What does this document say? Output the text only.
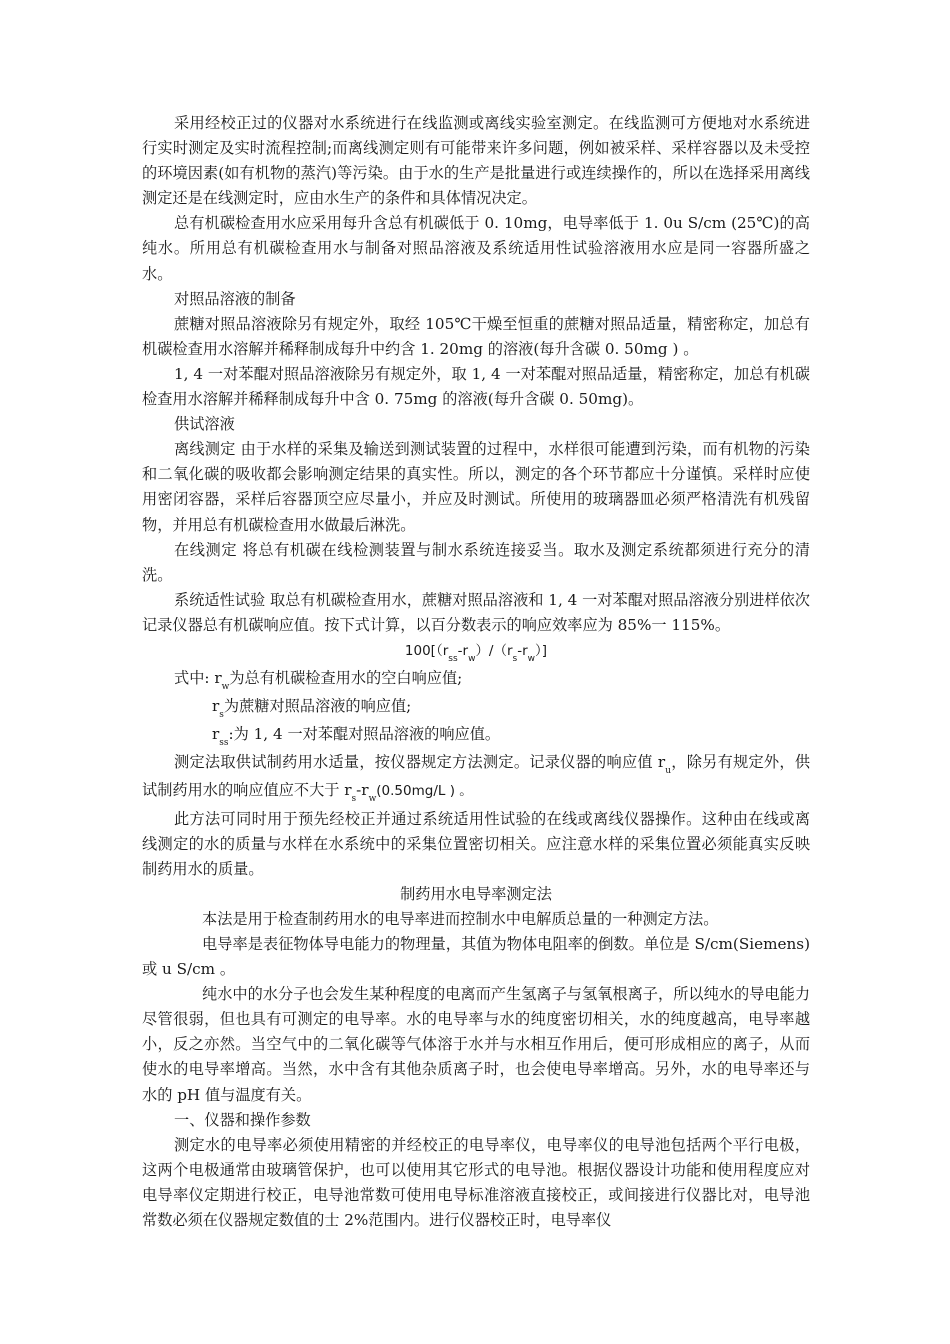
采用经校正过的仪器对水系统进行在线监测或离线实验室测定。在线监测可方便地对水系统进行实时测定及实时流程控制;而离线测定则有可能带来许多问题，例如被采样、采样容器以及未受控的环境因素(如有机物的蒸汽)等污染。由于水的生产是批量进行或连续操作的，所以在选择采用离线测定还是在线测定时，应由水生产的条件和具体情况决定。

总有机碳检查用水应采用每升含总有机碳低于 0. 10mg，电导率低于 1. 0u S/cm (25℃)的高纯水。所用总有机碳检查用水与制备对照品溶液及系统适用性试验溶液用水应是同一容器所盛之水。

对照品溶液的制备

蔗糖对照品溶液除另有规定外，取经 105℃干燥至恒重的蔗糖对照品适量，精密称定，加总有机碳检查用水溶解并稀释制成每升中约含 1. 20mg 的溶液(每升含碳 0. 50mg ) 。

1, 4 一对苯醌对照品溶液除另有规定外，取 1, 4 一对苯醌对照品适量，精密称定，加总有机碳检查用水溶解并稀释制成每升中含 0. 75mg 的溶液(每升含碳 0. 50mg)。

供试溶液

离线测定 由于水样的采集及输送到测试装置的过程中，水样很可能遭到污染，而有机物的污染和二氧化碳的吸收都会影响测定结果的真实性。所以，测定的各个环节都应十分谨慎。采样时应使用密闭容器，采样后容器顶空应尽量小，并应及时测试。所使用的玻璃器皿必须严格清洗有机残留物，并用总有机碳检查用水做最后淋洗。

在线测定 将总有机碳在线检测装置与制水系统连接妥当。取水及测定系统都须进行充分的清洗。

系统适性试验 取总有机碳检查用水，蔗糖对照品溶液和 1, 4 一对苯醌对照品溶液分别进样依次记录仪器总有机碳响应值。按下式计算，以百分数表示的响应效率应为 85%一 115%。

$100[(r_{ss}-r_w)/(r_s-r_w)]$

式中: $r_w$为总有机碳检查用水的空白响应值;

$r_s$为蔗糖对照品溶液的响应值;

$r_{ss}$:为 1, 4 一对苯醌对照品溶液的响应值。

测定法取供试制药用水适量，按仪器规定方法测定。记录仪器的响应值 $r_u$，除另有规定外，供试制药用水的响应值应不大于 $r_s-r_w(0.50mg/L$ ) 。

此方法可同时用于预先经校正并通过系统适用性试验的在线或离线仪器操作。这种由在线或离线测定的水的质量与水样在水系统中的采集位置密切相关。应注意水样的采集位置必须能真实反映制药用水的质量。

制药用水电导率测定法

本法是用于检查制药用水的电导率进而控制水中电解质总量的一种测定方法。

电导率是表征物体导电能力的物理量，其值为物体电阻率的倒数。单位是 S/cm(Siemens)或 u S/cm 。

纯水中的水分子也会发生某种程度的电离而产生氢离子与氢氧根离子，所以纯水的导电能力尽管很弱，但也具有可测定的电导率。水的电导率与水的纯度密切相关，水的纯度越高，电导率越小，反之亦然。当空气中的二氧化碳等气体溶于水并与水相互作用后，便可形成相应的离子，从而使水的电导率增高。当然，水中含有其他杂质离子时，也会使电导率增高。另外，水的电导率还与水的 pH 值与温度有关。

一、仪器和操作参数

测定水的电导率必须使用精密的并经校正的电导率仪，电导率仪的电导池包括两个平行电极，这两个电极通常由玻璃管保护，也可以使用其它形式的电导池。根据仪器设计功能和使用程度应对电导率仪定期进行校正，电导池常数可使用电导标准溶液直接校正，或间接进行仪器比对，电导池常数必须在仪器规定数值的士 2%范围内。进行仪器校正时，电导率仪
